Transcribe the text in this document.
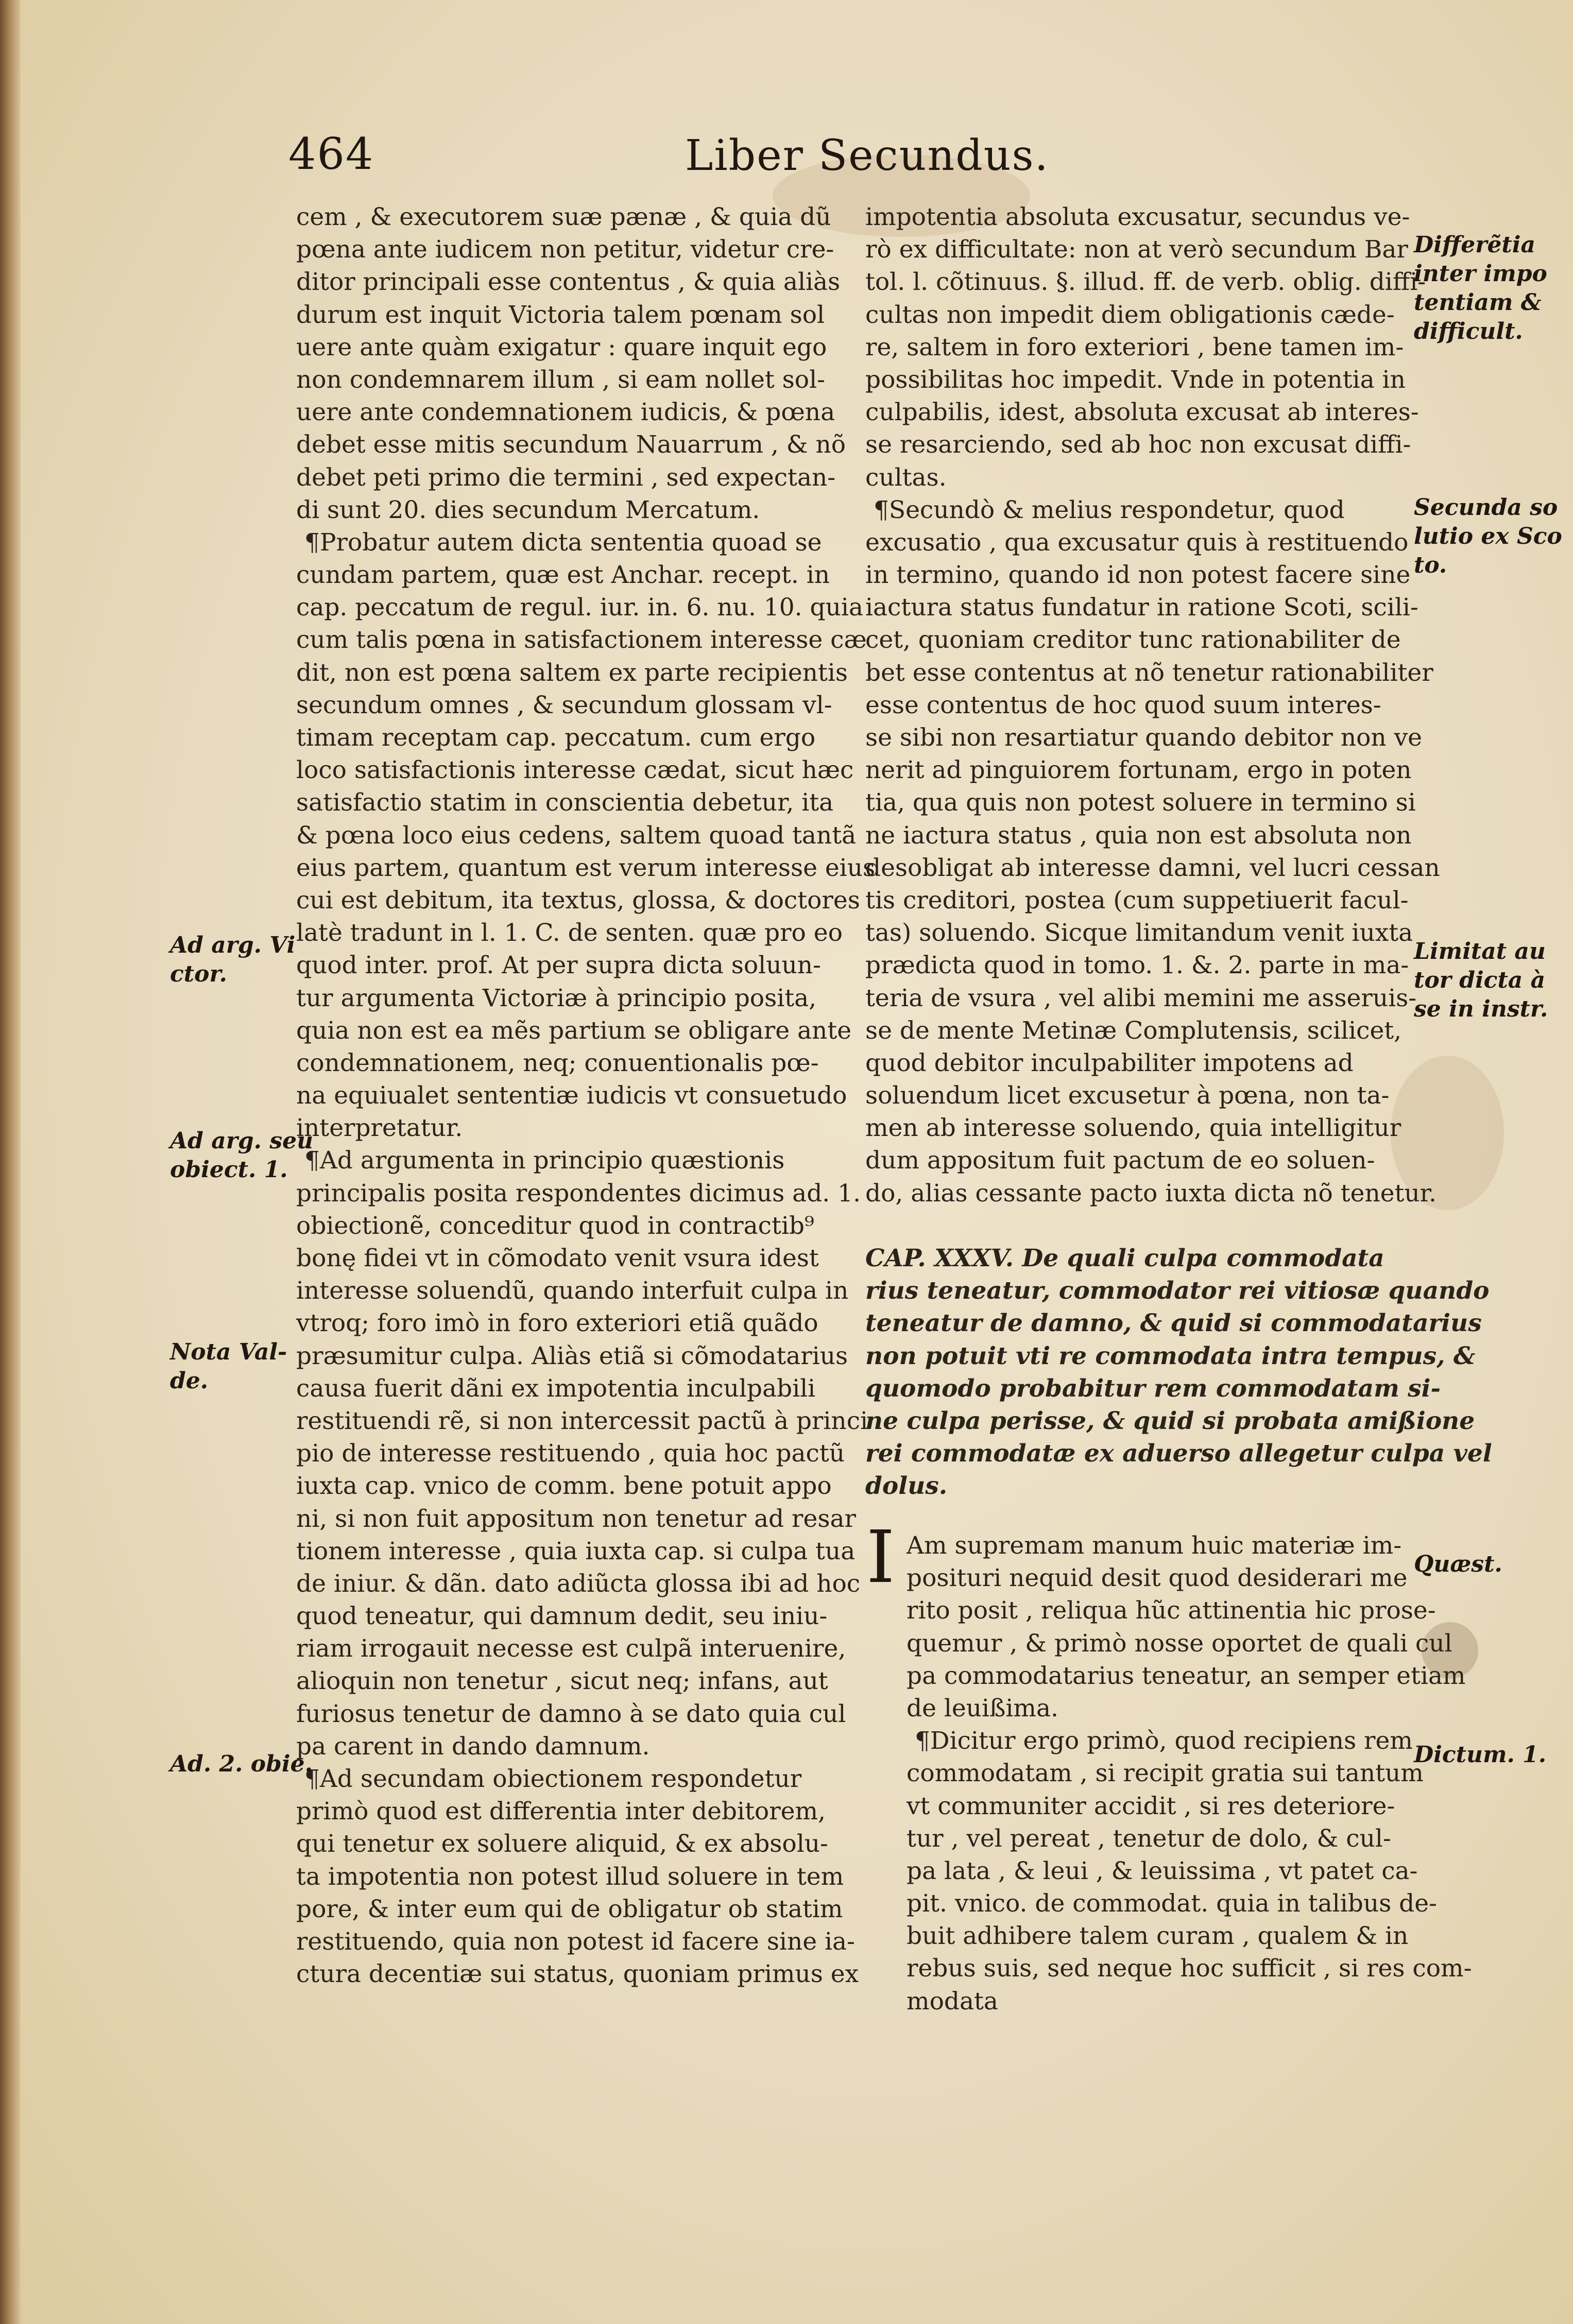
464	Liber Secundus.
cem , & executorem suæ pænæ , & quia dũ
pœna ante iudicem non petitur, videtur cre-
ditor principali esse contentus , & quia aliàs
durum est inquit Victoria talem pœnam sol
uere ante quàm exigatur : quare inquit ego
non condemnarem illum , si eam nollet sol-
uere ante condemnationem iudicis, & pœna
debet esse mitis secundum Nauarrum , & nõ
debet peti primo die termini , sed expectan-
di sunt 20. dies secundum Mercatum.
¶Probatur autem dicta sententia quoad se
cundam partem, quæ est Anchar. recept. in
cap. peccatum de regul. iur. in. 6. nu. 10. quia
cum talis pœna in satisfactionem interesse cæ
dit, non est pœna saltem ex parte recipientis
secundum omnes , & secundum glossam vl-
timam receptam cap. peccatum. cum ergo
loco satisfactionis interesse cædat, sicut hæc
satisfactio statim in conscientia debetur, ita
& pœna loco eius cedens, saltem quoad tantã
eius partem, quantum est verum interesse eius
cui est debitum, ita textus, glossa, & doctores
latè tradunt in l. 1. C. de senten. quæ pro eo
quod inter. prof. At per supra dicta soluun-
tur argumenta Victoriæ à principio posita,
quia non est ea mẽs partium se obligare ante
condemnationem, neq; conuentionalis pœ-
na equiualet sententiæ iudicis vt consuetudo
interpretatur.
¶Ad argumenta in principio quæstionis
principalis posita respondentes dicimus ad. 1.
obiectionẽ, conceditur quod in contractib⁹
bonę fidei vt in cõmodato venit vsura idest
interesse soluendũ, quando interfuit culpa in
vtroq; foro imò in foro exteriori etiã quãdo
præsumitur culpa. Aliàs etiã si cõmodatarius
causa fuerit dãni ex impotentia inculpabili
restituendi rẽ, si non intercessit pactũ à princi
pio de interesse restituendo , quia hoc pactũ
iuxta cap. vnico de comm. bene potuit appo
ni, si non fuit appositum non tenetur ad resar
tionem interesse , quia iuxta cap. si culpa tua
de iniur. & dãn. dato adiũcta glossa ibi ad hoc
quod teneatur, qui damnum dedit, seu iniu-
riam irrogauit necesse est culpã interuenire,
alioquin non tenetur , sicut neq; infans, aut
furiosus tenetur de damno à se dato quia cul
pa carent in dando damnum.
¶Ad secundam obiectionem respondetur
primò quod est differentia inter debitorem,
qui tenetur ex soluere aliquid, & ex absolu-
ta impotentia non potest illud soluere in tem
pore, & inter eum qui de obligatur ob statim
restituendo, quia non potest id facere sine ia-
ctura decentiæ sui status, quoniam primus ex
impotentia absoluta excusatur, secundus ve-
rò ex difficultate: non at verò secundum Bar
tol. l. cõtinuus. §. illud. ff. de verb. oblig. diffi-
cultas non impedit diem obligationis cæde-
re, saltem in foro exteriori , bene tamen im-
possibilitas hoc impedit. Vnde in potentia in
culpabilis, idest, absoluta excusat ab interes-
se resarciendo, sed ab hoc non excusat diffi-
cultas.
¶Secundò & melius respondetur, quod
excusatio , qua excusatur quis à restituendo
in termino, quando id non potest facere sine
iactura status fundatur in ratione Scoti, scili-
cet, quoniam creditor tunc rationabiliter de
bet esse contentus at nõ tenetur rationabiliter
esse contentus de hoc quod suum interes-
se sibi non resartiatur quando debitor non ve
nerit ad pinguiorem fortunam, ergo in poten
tia, qua quis non potest soluere in termino si
ne iactura status , quia non est absoluta non
desobligat ab interesse damni, vel lucri cessan
tis creditori, postea (cum suppetiuerit facul-
tas) soluendo. Sicque limitandum venit iuxta
prædicta quod in tomo. 1. &. 2. parte in ma-
teria de vsura , vel alibi memini me asseruis-
se de mente Metinæ Complutensis, scilicet,
quod debitor inculpabiliter impotens ad
soluendum licet excusetur à pœna, non ta-
men ab interesse soluendo, quia intelligitur
dum appositum fuit pactum de eo soluen-
do, alias cessante pacto iuxta dicta nõ tenetur.
CAP. XXXV. De quali culpa commodata
rius teneatur, commodator rei vitiosæ quando
teneatur de damno, & quid si commodatarius
non potuit vti re commodata intra tempus, &
quomodo probabitur rem commodatam si-
ne culpa perisse, & quid si probata amißione
rei commodatæ ex aduerso allegetur culpa vel
dolus.
I Am supremam manum huic materiæ im-
posituri nequid desit quod desiderari me
rito posit , reliqua hũc attinentia hic prose-
quemur , & primò nosse oportet de quali cul
pa commodatarius teneatur, an semper etiam
de leuißima.
¶Dicitur ergo primò, quod recipiens rem
commodatam , si recipit gratia sui tantum
vt communiter accidit , si res deteriore-
tur , vel pereat , tenetur de dolo, & cul-
pa lata , & leui , & leuissima , vt patet ca-
pit. vnico. de commodat. quia in talibus de-
buit adhibere talem curam , qualem & in
rebus suis, sed neque hoc sufficit , si res com-
modata
Differẽtia
inter impo
tentiam &
difficult.
Secunda so
lutio ex Sco
to.
Limitat au
tor dicta à
se in instr.
Quæst.
Dictum. 1.
Ad arg. Vi
ctor.
Ad arg. seu
obiect. 1.
Nota Val-
de.
Ad. 2. obie.
